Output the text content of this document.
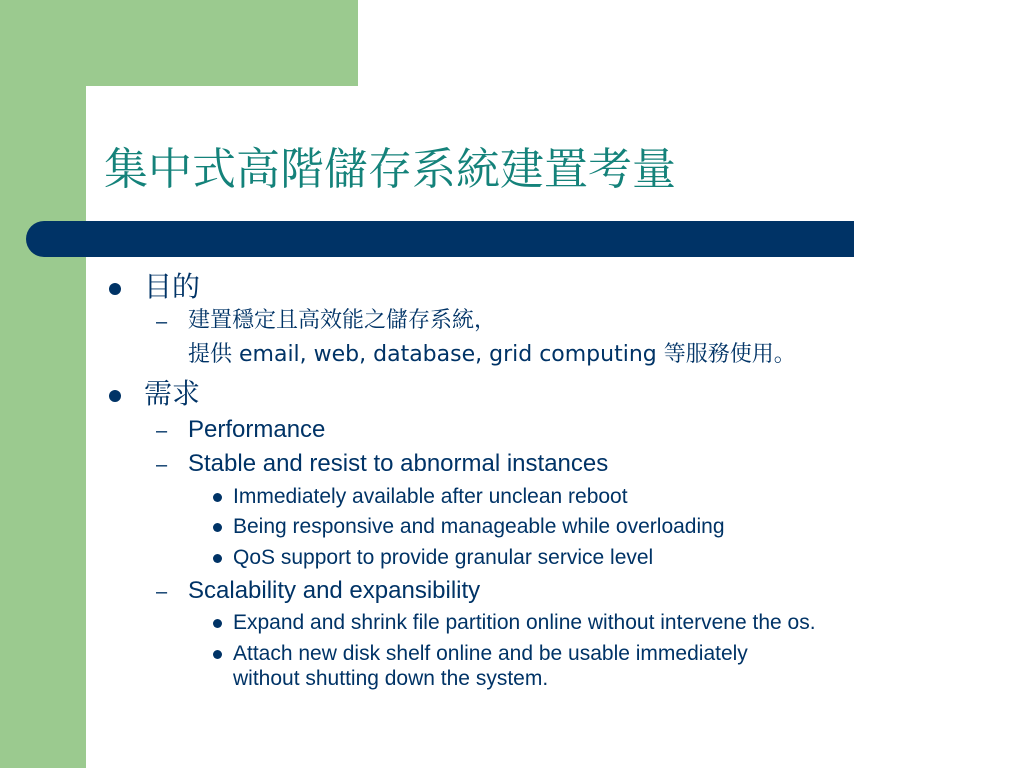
集中式高階儲存系統建置考量
目的
– 建置穩定且高效能之儲存系統，
提供 email, web, database, grid computing 等服務使用。
需求
– Performance
– Stable and resist to abnormal instances
Immediately available after unclean reboot
Being responsive and manageable while overloading
QoS support to provide granular service level
– Scalability and expansibility
Expand and shrink file partition online without intervene the os.
Attach new disk shelf online and be usable immediately
without shutting down the system.
